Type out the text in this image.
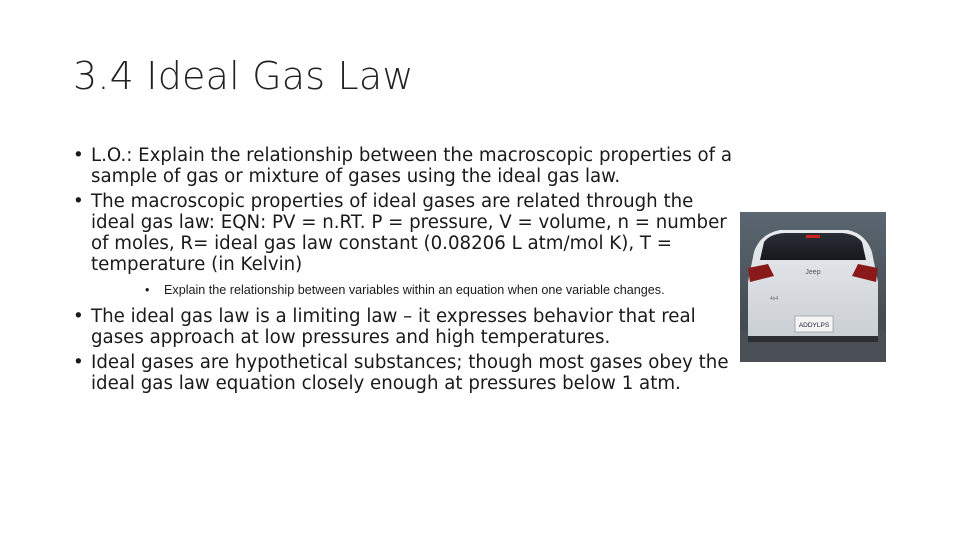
3.4 Ideal Gas Law
• L.O.: Explain the relationship between the macroscopic properties of a sample of gas or mixture of gases using the ideal gas law.
• The macroscopic properties of ideal gases are related through the ideal gas law: EQN: PV = n.RT. P = pressure, V = volume, n = number of moles, R= ideal gas law constant (0.08206 L atm/mol K), T = temperature (in Kelvin)
• Explain the relationship between variables within an equation when one variable changes.
• The ideal gas law is a limiting law – it expresses behavior that real gases approach at low pressures and high temperatures.
• Ideal gases are hypothetical substances; though most gases obey the ideal gas law equation closely enough at pressures below 1 atm.
Jeep
4x4
ADDYLPS
